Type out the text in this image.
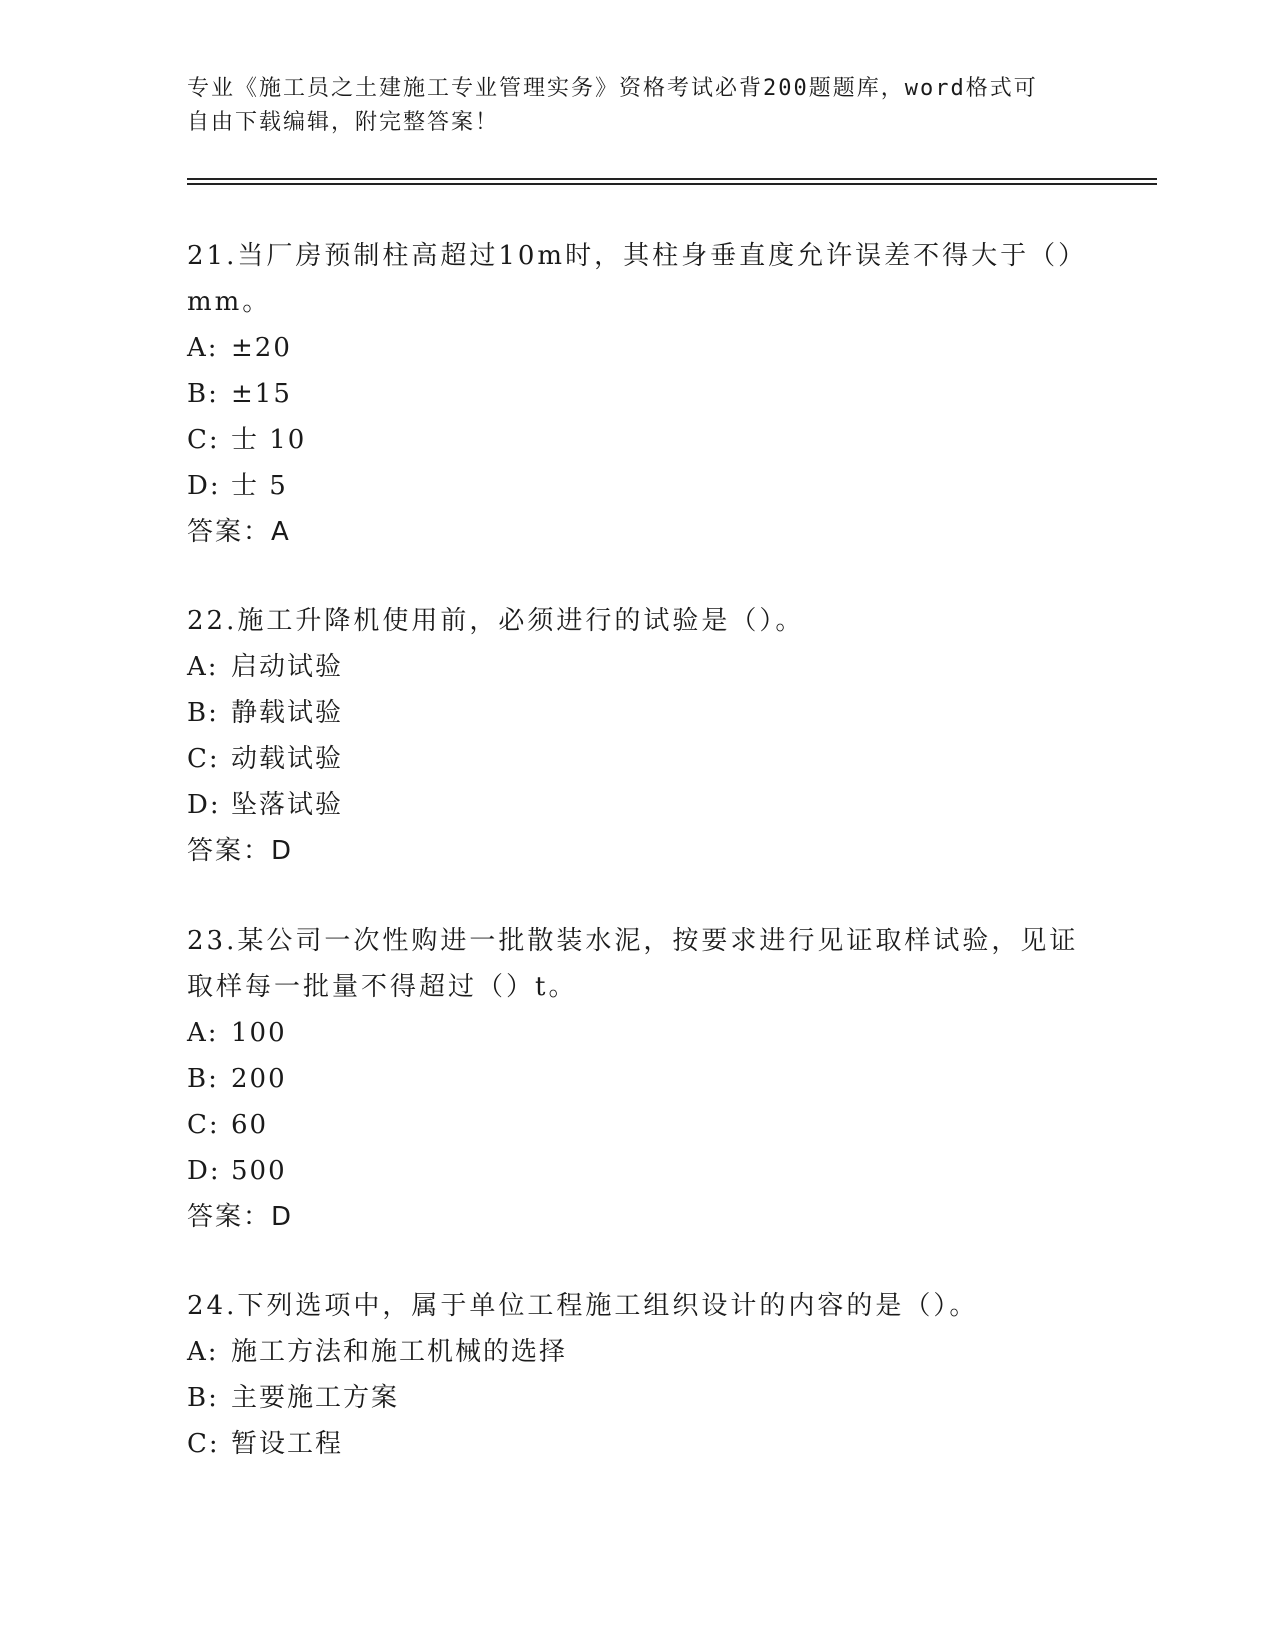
专业《施工员之土建施工专业管理实务》资格考试必背200题题库，word格式可
自由下载编辑，附完整答案！
21.当厂房预制柱高超过10m时，其柱身垂直度允许误差不得大于（）
mm。
A: ±20
B: ±15
C: 士 10
D: 士 5
答案：A
22.施工升降机使用前，必须进行的试验是（）。
A: 启动试验
B: 静载试验
C: 动载试验
D: 坠落试验
答案：D
23.某公司一次性购进一批散装水泥，按要求进行见证取样试验，见证
取样每一批量不得超过（）t。
A: 100
B: 200
C: 60
D: 500
答案：D
24.下列选项中，属于单位工程施工组织设计的内容的是（）。
A: 施工方法和施工机械的选择
B: 主要施工方案
C: 暂设工程
